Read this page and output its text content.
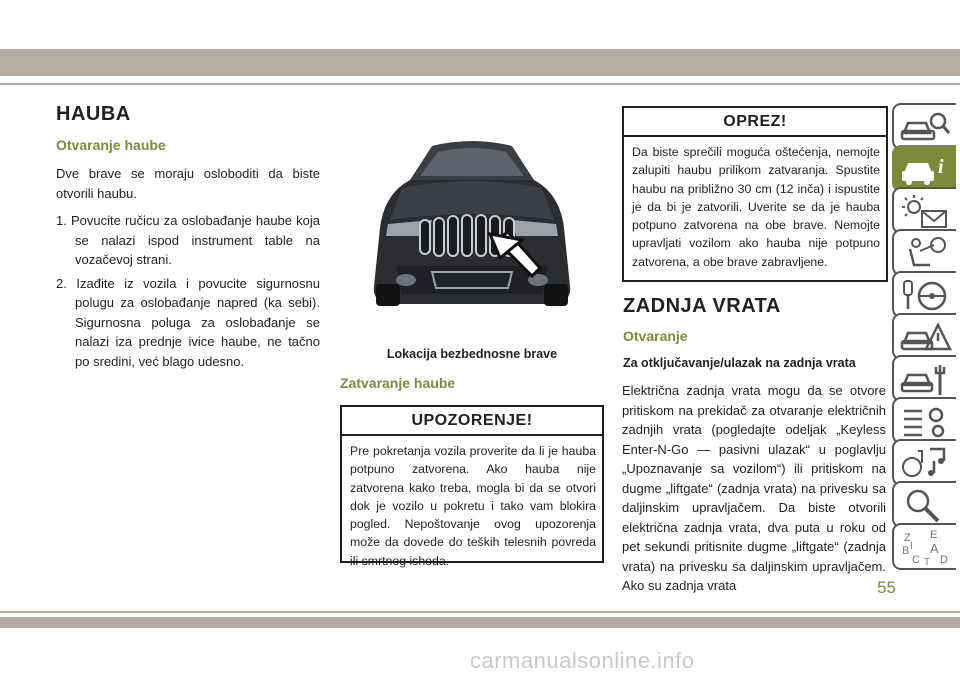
HAUBA
Otvaranje haube
Dve brave se moraju osloboditi da biste otvorili haubu.
1. Povucite ručicu za oslobađanje haube koja se nalazi ispod instrument table na vozačevoj strani.
2. Izađite iz vozila i povucite sigurnosnu polugu za oslobađanje napred (ka sebi). Sigurnosna poluga za oslobađanje se nalazi iza prednje ivice haube, ne tačno po sredini, već blago udesno.	Lokacija bezbednosne brave
Zatvaranje haube
UPOZORENJE!
Pre pokretanja vozila proverite da li je hauba potpuno zatvorena. Ako hauba nije zatvorena kako treba, mogla bi da se otvori dok je vozilo u pokretu i tako vam blokira pogled. Nepoštovanje ovog upozorenja može da dovede do teških telesnih povreda ili smrtnog ishoda.
OPREZ!
Da biste sprečili moguća oštećenja, nemojte zalupiti haubu prilikom zatvaranja. Spustite haubu na približno 30 cm (12 inča) i ispustite je da bi je zatvorili. Uverite se da je hauba potpuno zatvorena na obe brave. Nemojte upravljati vozilom ako hauba nije potpuno zatvorena, a obe brave zabravljene.
ZADNJA VRATA
Otvaranje
Za otključavanje/ulazak na zadnja vrata
Električna zadnja vrata mogu da se otvore pritiskom na prekidač za otvaranje električnih zadnjih vrata (pogledajte odeljak „Keyless Enter-N-Go — pasivni ulazak“ u poglavlju „Upoznavanje sa vozilom“) ili pritiskom na dugme „liftgate“ (zadnja vrata) na privesku sa daljinskim upravljačem. Da biste otvorili električna zadnja vrata, dva puta u roku od pet sekundi pritisnite dugme „liftgate“ (zadnja vrata) na privesku sa daljinskim upravljačem. Ako su zadnja vrata
i
Z E
B A
C D
I
T
55
carmanualsonline.info
